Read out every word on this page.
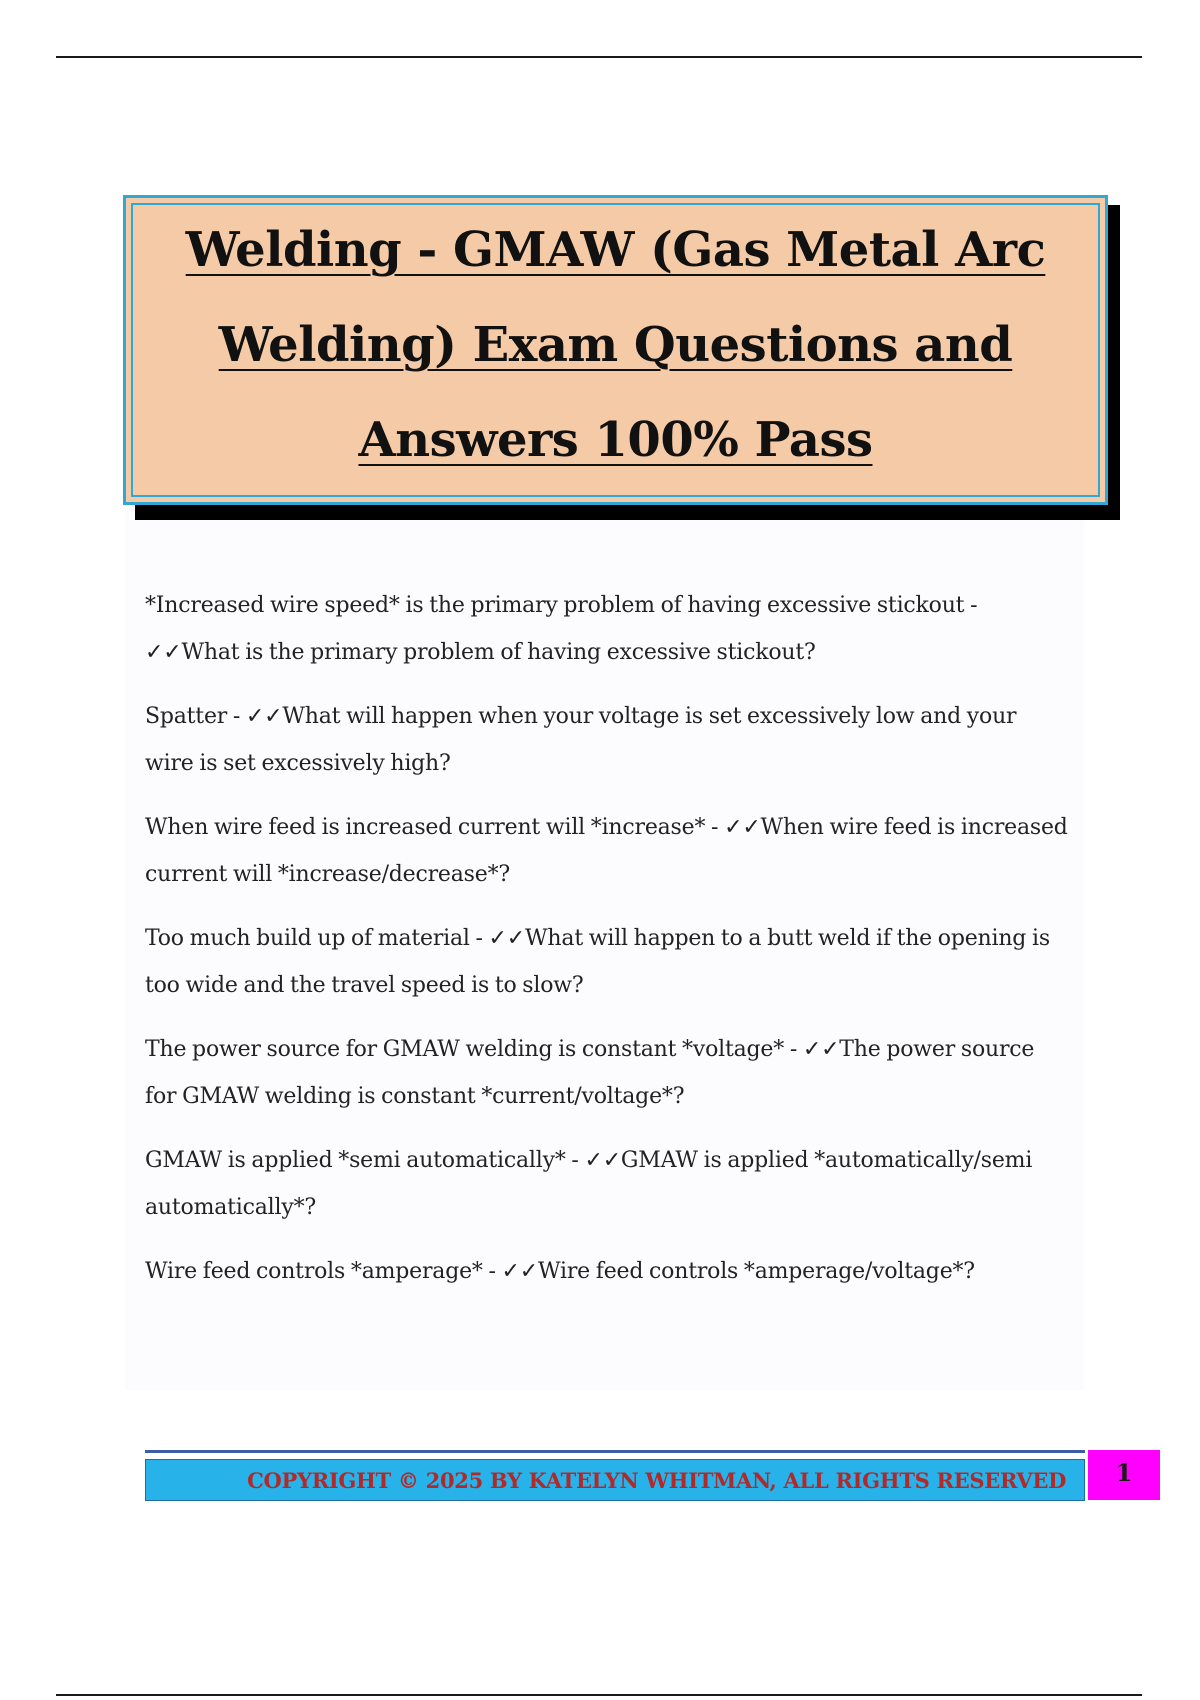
Welding - GMAW (Gas Metal Arc Welding) Exam Questions and Answers 100% Pass
*Increased wire speed* is the primary problem of having excessive stickout - ✓✓What is the primary problem of having excessive stickout?
Spatter - ✓✓What will happen when your voltage is set excessively low and your wire is set excessively high?
When wire feed is increased current will *increase* - ✓✓When wire feed is increased current will *increase/decrease*?
Too much build up of material - ✓✓What will happen to a butt weld if the opening is too wide and the travel speed is to slow?
The power source for GMAW welding is constant *voltage* - ✓✓The power source for GMAW welding is constant *current/voltage*?
GMAW is applied *semi automatically* - ✓✓GMAW is applied *automatically/semi automatically*?
Wire feed controls *amperage* - ✓✓Wire feed controls *amperage/voltage*?
COPYRIGHT © 2025 BY KATELYN WHITMAN, ALL RIGHTS RESERVED	1
